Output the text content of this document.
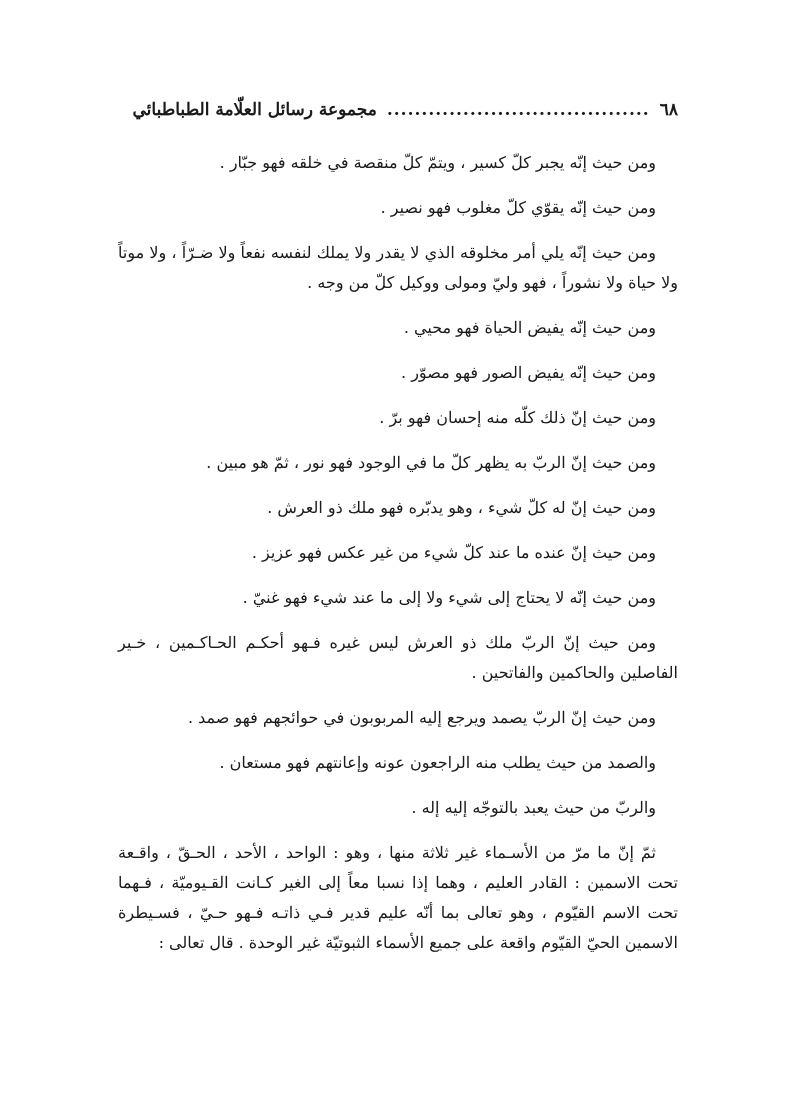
٦٨
......................................
مجموعة رسائل العلّامة الطباطبائي

ومن حيث إنّه يجبر كلّ كسير ، ويتمّ كلّ منقصة في خلقه فهو جبّار .

ومن حيث إنّه يقوّي كلّ مغلوب فهو نصير .

ومن حيث إنّه يلي أمر مخلوقه الذي لا يقدر ولا يملك لنفسه نفعاً ولا ضـرّاً ، ولا موتاً ولا حياة ولا نشوراً ، فهو وليّ ومولى ووكيل كلّ من وجه .

ومن حيث إنّه يفيض الحياة فهو محيي .

ومن حيث إنّه يفيض الصور فهو مصوّر .

ومن حيث إنّ ذلك كلّه منه إحسان فهو برّ .

ومن حيث إنّ الربّ به يظهر كلّ ما في الوجود فهو نور ، ثمّ هو مبين .

ومن حيث إنّ له كلّ شيء ، وهو يدبّره فهو ملك ذو العرش .

ومن حيث إنّ عنده ما عند كلّ شيء من غير عكس فهو عزيز .

ومن حيث إنّه لا يحتاج إلى شيء ولا إلى ما عند شيء فهو غنيّ .

ومن حيث إنّ الربّ ملك ذو العرش ليس غيره فـهو أحكـم الحـاكـمين ، خـير الفاصلين والحاكمين والفاتحين .

ومن حيث إنّ الربّ يصمد ويرجع إليه المربوبون في حوائجهم فهو صمد .

والصمد من حيث يطلب منه الراجعون عونه وإعانتهم فهو مستعان .

والربّ من حيث يعبد بالتوجّه إليه إله .

ثمّ إنّ ما مرّ من الأسـماء غير ثلاثة منها ، وهو : الواحد ، الأحد ، الحـقّ ، واقـعة تحت الاسمين : القادر العليم ، وهما إذا نسبا معاً إلى الغير كـانت القـيوميّة ، فـهما تحت الاسم القيّوم ، وهو تعالى بما أنّه عليم قدير فـي ذاتـه فـهو حـيّ ، فسـيطرة الاسمين الحيّ القيّوم واقعة على جميع الأسماء الثبوتيّة غير الوحدة . قال تعالى :
